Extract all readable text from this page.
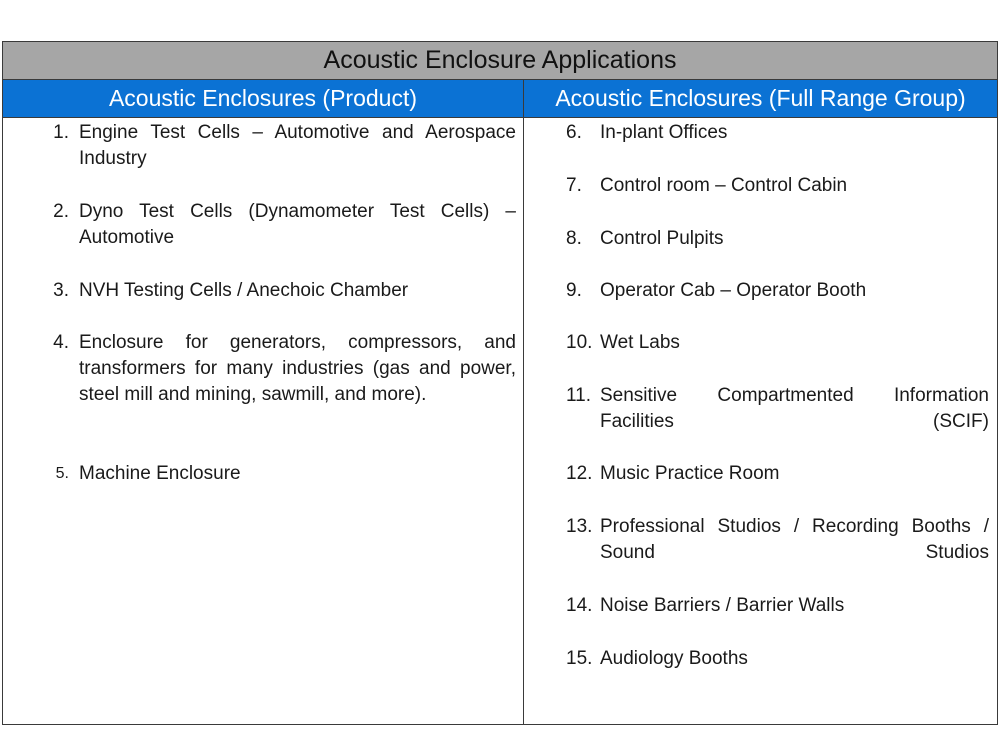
Acoustic Enclosure Applications
Acoustic Enclosures (Product)	Acoustic Enclosures (Full Range Group)
1. Engine Test Cells – Automotive and Aerospace Industry
2. Dyno Test Cells (Dynamometer Test Cells) – Automotive
3. NVH Testing Cells / Anechoic Chamber
4. Enclosure for generators, compressors, and transformers for many industries (gas and power, steel mill and mining, sawmill, and more).
5. Machine Enclosure
6. In-plant Offices
7. Control room – Control Cabin
8. Control Pulpits
9. Operator Cab – Operator Booth
10. Wet Labs
11. Sensitive Compartmented Information Facilities (SCIF)
12. Music Practice Room
13. Professional Studios / Recording Booths / Sound Studios
14. Noise Barriers / Barrier Walls
15. Audiology Booths
